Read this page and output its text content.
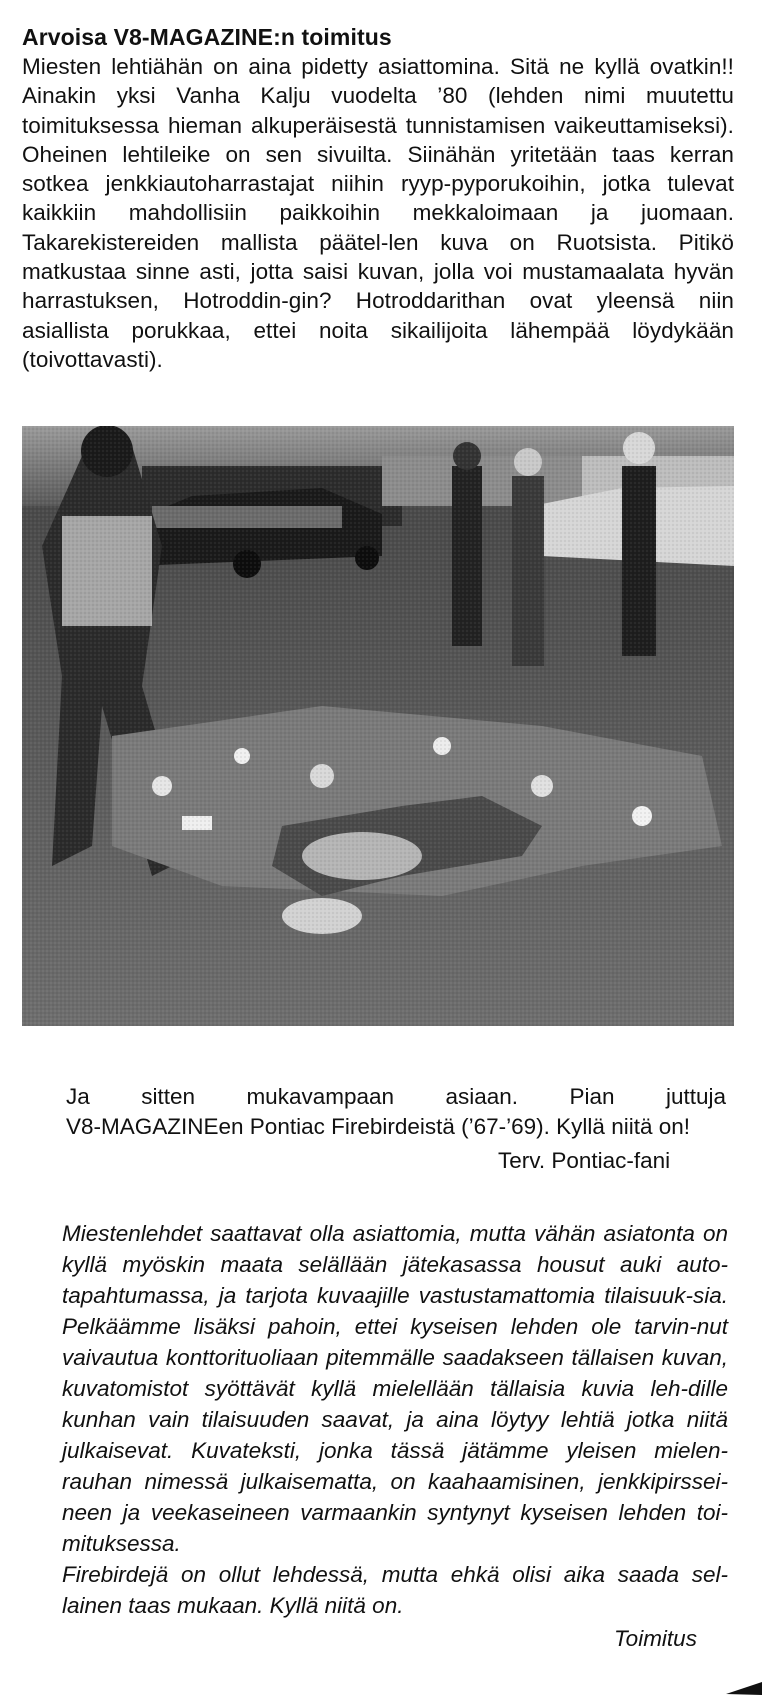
Arvoisa V8-MAGAZINE:n toimitus

Miesten lehtiähän on aina pidetty asiattomina. Sitä ne kyllä ovatkin!! Ainakin yksi Vanha Kalju vuodelta ’80 (lehden nimi muutettu toimituksessa hieman alkuperäisestä tunnistamisen vaikeuttamiseksi). Oheinen lehtileike on sen sivuilta. Siinähän yritetään taas kerran sotkea jenkkiautoharrastajat niihin ryyp-pyporukoihin, jotka tulevat kaikkiin mahdollisiin paikkoihin mekkaloimaan ja juomaan. Takarekistereiden mallista päätel-len kuva on Ruotsista. Pitikö matkustaa sinne asti, jotta saisi kuvan, jolla voi mustamaalata hyvän harrastuksen, Hotroddin-gin? Hotroddarithan ovat yleensä niin asiallista porukkaa, ettei noita sikailijoita lähempää löydykään (toivottavasti).

Ja sitten mukavampaan asiaan. Pian juttuja

V8-MAGAZINEen Pontiac Firebirdeistä (’67-’69). Kyllä niitä on!

Terv. Pontiac-fani

Miestenlehdet saattavat olla asiattomia, mutta vähän asiatonta on kyllä myöskin maata selällään jätekasassa housut auki auto-tapahtumassa, ja tarjota kuvaajille vastustamattomia tilaisuuk-sia. Pelkäämme lisäksi pahoin, ettei kyseisen lehden ole tarvin-nut vaivautua konttorituoliaan pitemmälle saadakseen tällaisen kuvan, kuvatomistot syöttävät kyllä mielellään tällaisia kuvia leh-dille kunhan vain tilaisuuden saavat, ja aina löytyy lehtiä jotka niitä julkaisevat. Kuvateksti, jonka tässä jätämme yleisen mielen-rauhan nimessä julkaisematta, on kaahaamisinen, jenkkipirssei-neen ja veekaseineen varmaankin syntynyt kyseisen lehden toi-mituksessa.

Firebirdejä on ollut lehdessä, mutta ehkä olisi aika saada sel-lainen taas mukaan. Kyllä niitä on.

Toimitus
